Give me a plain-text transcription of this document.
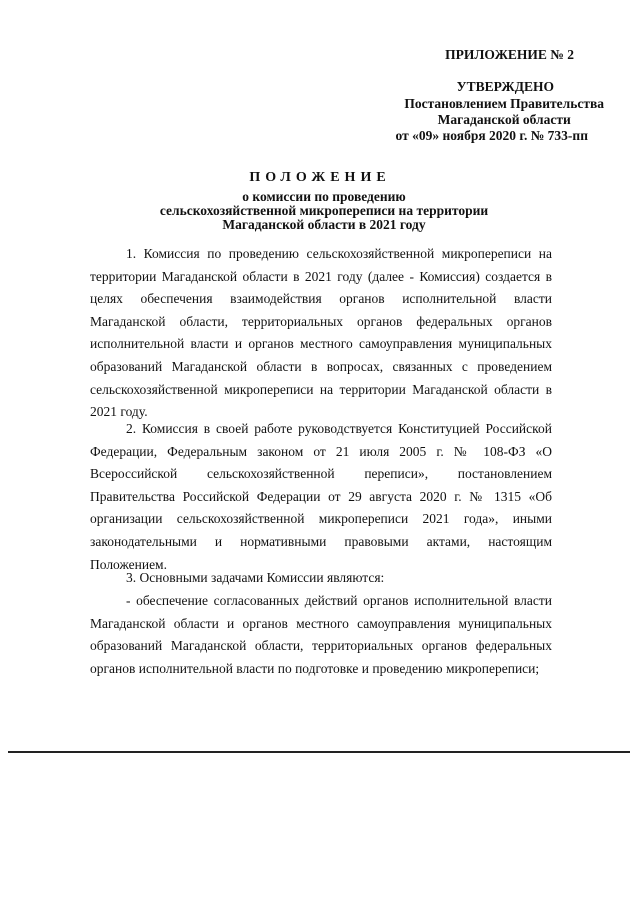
ПРИЛОЖЕНИЕ № 2
УТВЕРЖДЕНО
Постановлением Правительства
Магаданской области
от «09» ноября 2020 г. № 733-пп
ПОЛОЖЕНИЕ
о комиссии по проведению
сельскохозяйственной микропереписи на территории
Магаданской области в 2021 году
1. Комиссия по проведению сельскохозяйственной микропереписи на территории Магаданской области в 2021 году (далее - Комиссия) создается в целях обеспечения взаимодействия органов исполнительной власти Магаданской области, территориальных органов федеральных органов исполнительной власти и органов местного самоуправления муниципальных образований Магаданской области в вопросах, связанных с проведением сельскохозяйственной микропереписи на территории Магаданской области в 2021 году.
2. Комиссия в своей работе руководствуется Конституцией Российской Федерации, Федеральным законом от 21 июля 2005 г. № 108-ФЗ «О Всероссийской сельскохозяйственной переписи», постановлением Правительства Российской Федерации от 29 августа 2020 г. № 1315 «Об организации сельскохозяйственной микропереписи 2021 года», иными законодательными и нормативными правовыми актами, настоящим Положением.
3. Основными задачами Комиссии являются:
- обеспечение согласованных действий органов исполнительной власти Магаданской области и органов местного самоуправления муниципальных образований Магаданской области, территориальных органов федеральных органов исполнительной власти по подготовке и проведению микропереписи;
